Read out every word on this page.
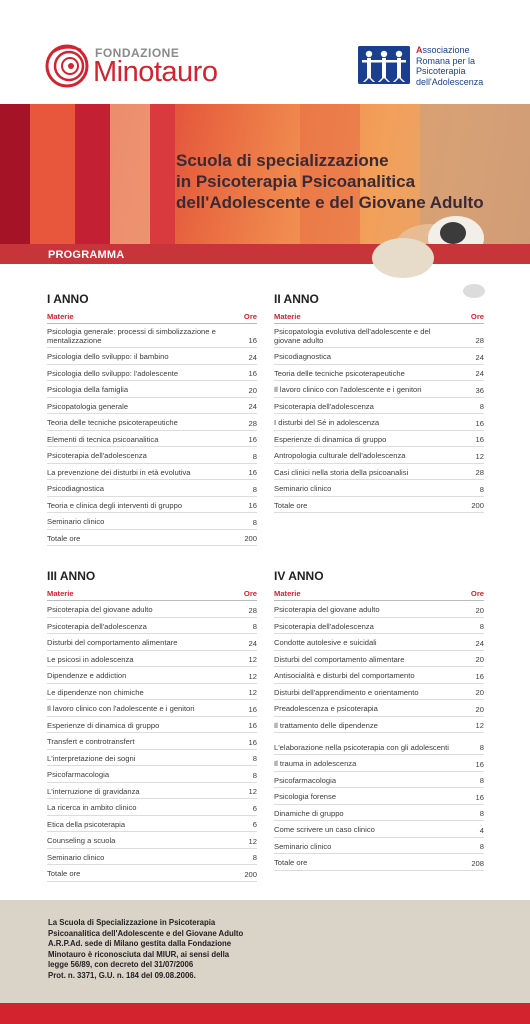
FONDAZIONE
Minotauro
Associazione
Romana per la
Psicoterapia
dell'Adolescenza
Scuola di specializzazione
in Psicoterapia Psicoanalitica
dell'Adolescente e del Giovane Adulto
PROGRAMMA
I ANNO
Materie	Ore
Psicologia generale: processi di simbolizzazione e mentalizzazione	16
Psicologia dello sviluppo: il bambino	24
Psicologia dello sviluppo: l'adolescente	16
Psicologia della famiglia	20
Psicopatologia generale	24
Teoria delle tecniche psicoterapeutiche	28
Elementi di tecnica psicoanalitica	16
Psicoterapia dell'adolescenza	8
La prevenzione dei disturbi in età evolutiva	16
Psicodiagnostica	8
Teoria e clinica degli interventi di gruppo	16
Seminario clinico	8
Totale ore	200
II ANNO
Materie	Ore
Psicopatologia evolutiva dell'adolescente e del giovane adulto	28
Psicodiagnostica	24
Teoria delle tecniche psicoterapeutiche	24
Il lavoro clinico con l'adolescente e i genitori	36
Psicoterapia dell'adolescenza	8
I disturbi del Sé in adolescenza	16
Esperienze di dinamica di gruppo	16
Antropologia culturale dell'adolescenza	12
Casi clinici nella storia della psicoanalisi	28
Seminario clinico	8
Totale ore	200
III ANNO
Materie	Ore
Psicoterapia del giovane adulto	28
Psicoterapia dell'adolescenza	8
Disturbi del comportamento alimentare	24
Le psicosi in adolescenza	12
Dipendenze e addiction	12
Le dipendenze non chimiche	12
Il lavoro clinico con l'adolescente e i genitori	16
Esperienze di dinamica di gruppo	16
Transfert e controtransfert	16
L'interpretazione dei sogni	8
Psicofarmacologia	8
L'interruzione di gravidanza	12
La ricerca in ambito clinico	6
Etica della psicoterapia	6
Counseling a scuola	12
Seminario clinico	8
Totale ore	200
IV ANNO
Materie	Ore
Psicoterapia del giovane adulto	20
Psicoterapia dell'adolescenza	8
Condotte autolesive e suicidali	24
Disturbi del comportamento alimentare	20
Antisocialità e disturbi del comportamento	16
Disturbi dell'apprendimento e orientamento	20
Preadolescenza e psicoterapia	20
Il trattamento delle dipendenze	12
L'elaborazione nella psicoterapia con gli adolescenti	8
Il trauma in adolescenza	16
Psicofarmacologia	8
Psicologia forense	16
Dinamiche di gruppo	8
Come scrivere un caso clinico	4
Seminario clinico	8
Totale ore	208
La Scuola di Specializzazione in Psicoterapia
Psicoanalitica dell'Adolescente e del Giovane Adulto
A.R.P.Ad. sede di Milano gestita dalla Fondazione
Minotauro è riconosciuta dal MIUR, ai sensi della
legge 56/89, con decreto del 31/07/2006
Prot. n. 3371, G.U. n. 184 del 09.08.2006.
